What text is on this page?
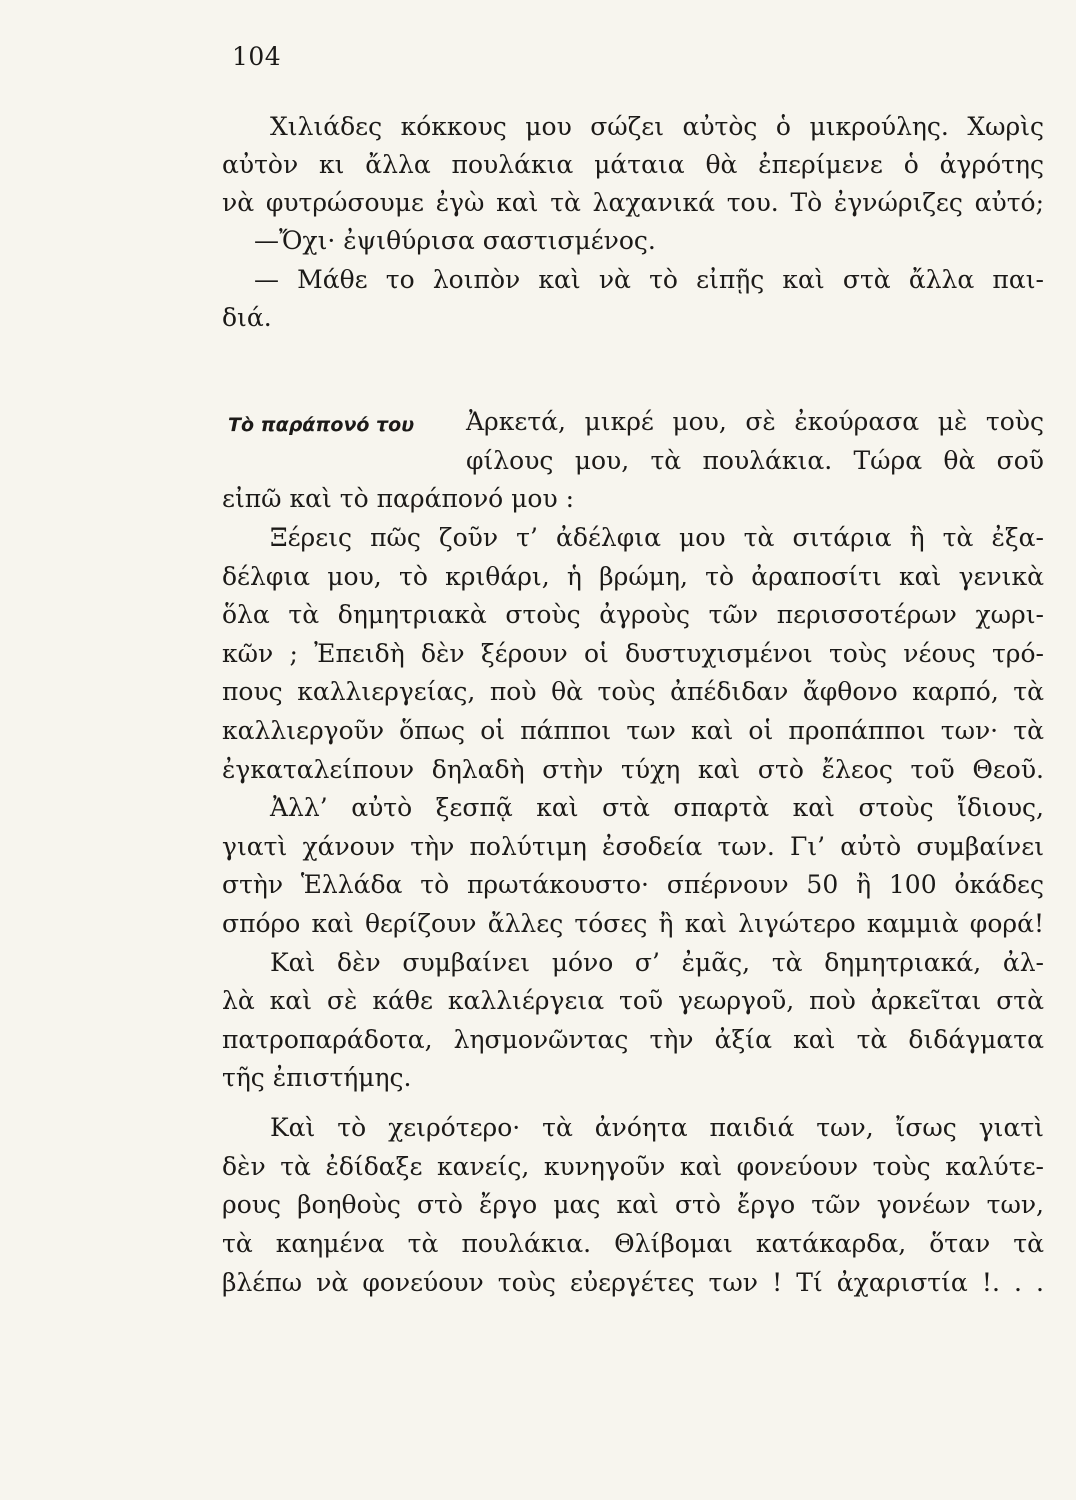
104
Χιλιάδες κόκκους μου σώζει αὐτὸς ὁ μικρούλης. Χωρὶς
αὐτὸν κι ἄλλα πουλάκια μάταια θὰ ἐπερίμενε ὁ ἀγρότης
νὰ φυτρώσουμε ἐγὼ καὶ τὰ λαχανικά του. Τὸ ἐγνώριζες αὐτό;
—Ὄχι· ἐψιθύρισα σαστισμένος.
— Μάθε το λοιπὸν καὶ νὰ τὸ εἰπῇς καὶ στὰ ἄλλα παι-
διά.
Τὸ παράπονό του Ἀρκετά, μικρέ μου, σὲ ἐκούρασα μὲ τοὺς
φίλους μου, τὰ πουλάκια. Τώρα θὰ σοῦ
εἰπῶ καὶ τὸ παράπονό μου :
Ξέρεις πῶς ζοῦν τ’ ἀδέλφια μου τὰ σιτάρια ἢ τὰ ἐξα-
δέλφια μου, τὸ κριθάρι, ἡ βρώμη, τὸ ἀραποσίτι καὶ γενικὰ
ὅλα τὰ δημητριακὰ στοὺς ἀγροὺς τῶν περισσοτέρων χωρι-
κῶν ; Ἐπειδὴ δὲν ξέρουν οἱ δυστυχισμένοι τοὺς νέους τρό-
πους καλλιεργείας, ποὺ θὰ τοὺς ἀπέδιδαν ἄφθονο καρπό, τὰ
καλλιεργοῦν ὅπως οἱ πάπποι των καὶ οἱ προπάπποι των· τὰ
ἐγκαταλείπουν δηλαδὴ στὴν τύχη καὶ στὸ ἔλεος τοῦ Θεοῦ.
Ἀλλ’ αὐτὸ ξεσπᾷ καὶ στὰ σπαρτὰ καὶ στοὺς ἴδιους,
γιατὶ χάνουν τὴν πολύτιμη ἐσοδεία των. Γι’ αὐτὸ συμβαίνει
στὴν Ἑλλάδα τὸ πρωτάκουστο· σπέρνουν 50 ἢ 100 ὀκάδες
σπόρο καὶ θερίζουν ἄλλες τόσες ἢ καὶ λιγώτερο καμμιὰ φορά!
Καὶ δὲν συμβαίνει μόνο σ’ ἐμᾶς, τὰ δημητριακά, ἀλ-
λὰ καὶ σὲ κάθε καλλιέργεια τοῦ γεωργοῦ, ποὺ ἀρκεῖται στὰ
πατροπαράδοτα, λησμονῶντας τὴν ἀξία καὶ τὰ διδάγματα
τῆς ἐπιστήμης.
Καὶ τὸ χειρότερο· τὰ ἀνόητα παιδιά των, ἴσως γιατὶ
δὲν τὰ ἐδίδαξε κανείς, κυνηγοῦν καὶ φονεύουν τοὺς καλύτε-
ρους βοηθοὺς στὸ ἔργο μας καὶ στὸ ἔργο τῶν γονέων των,
τὰ καημένα τὰ πουλάκια. Θλίβομαι κατάκαρδα, ὅταν τὰ
βλέπω νὰ φονεύουν τοὺς εὐεργέτες των ! Τί ἀχαριστία !. . .
